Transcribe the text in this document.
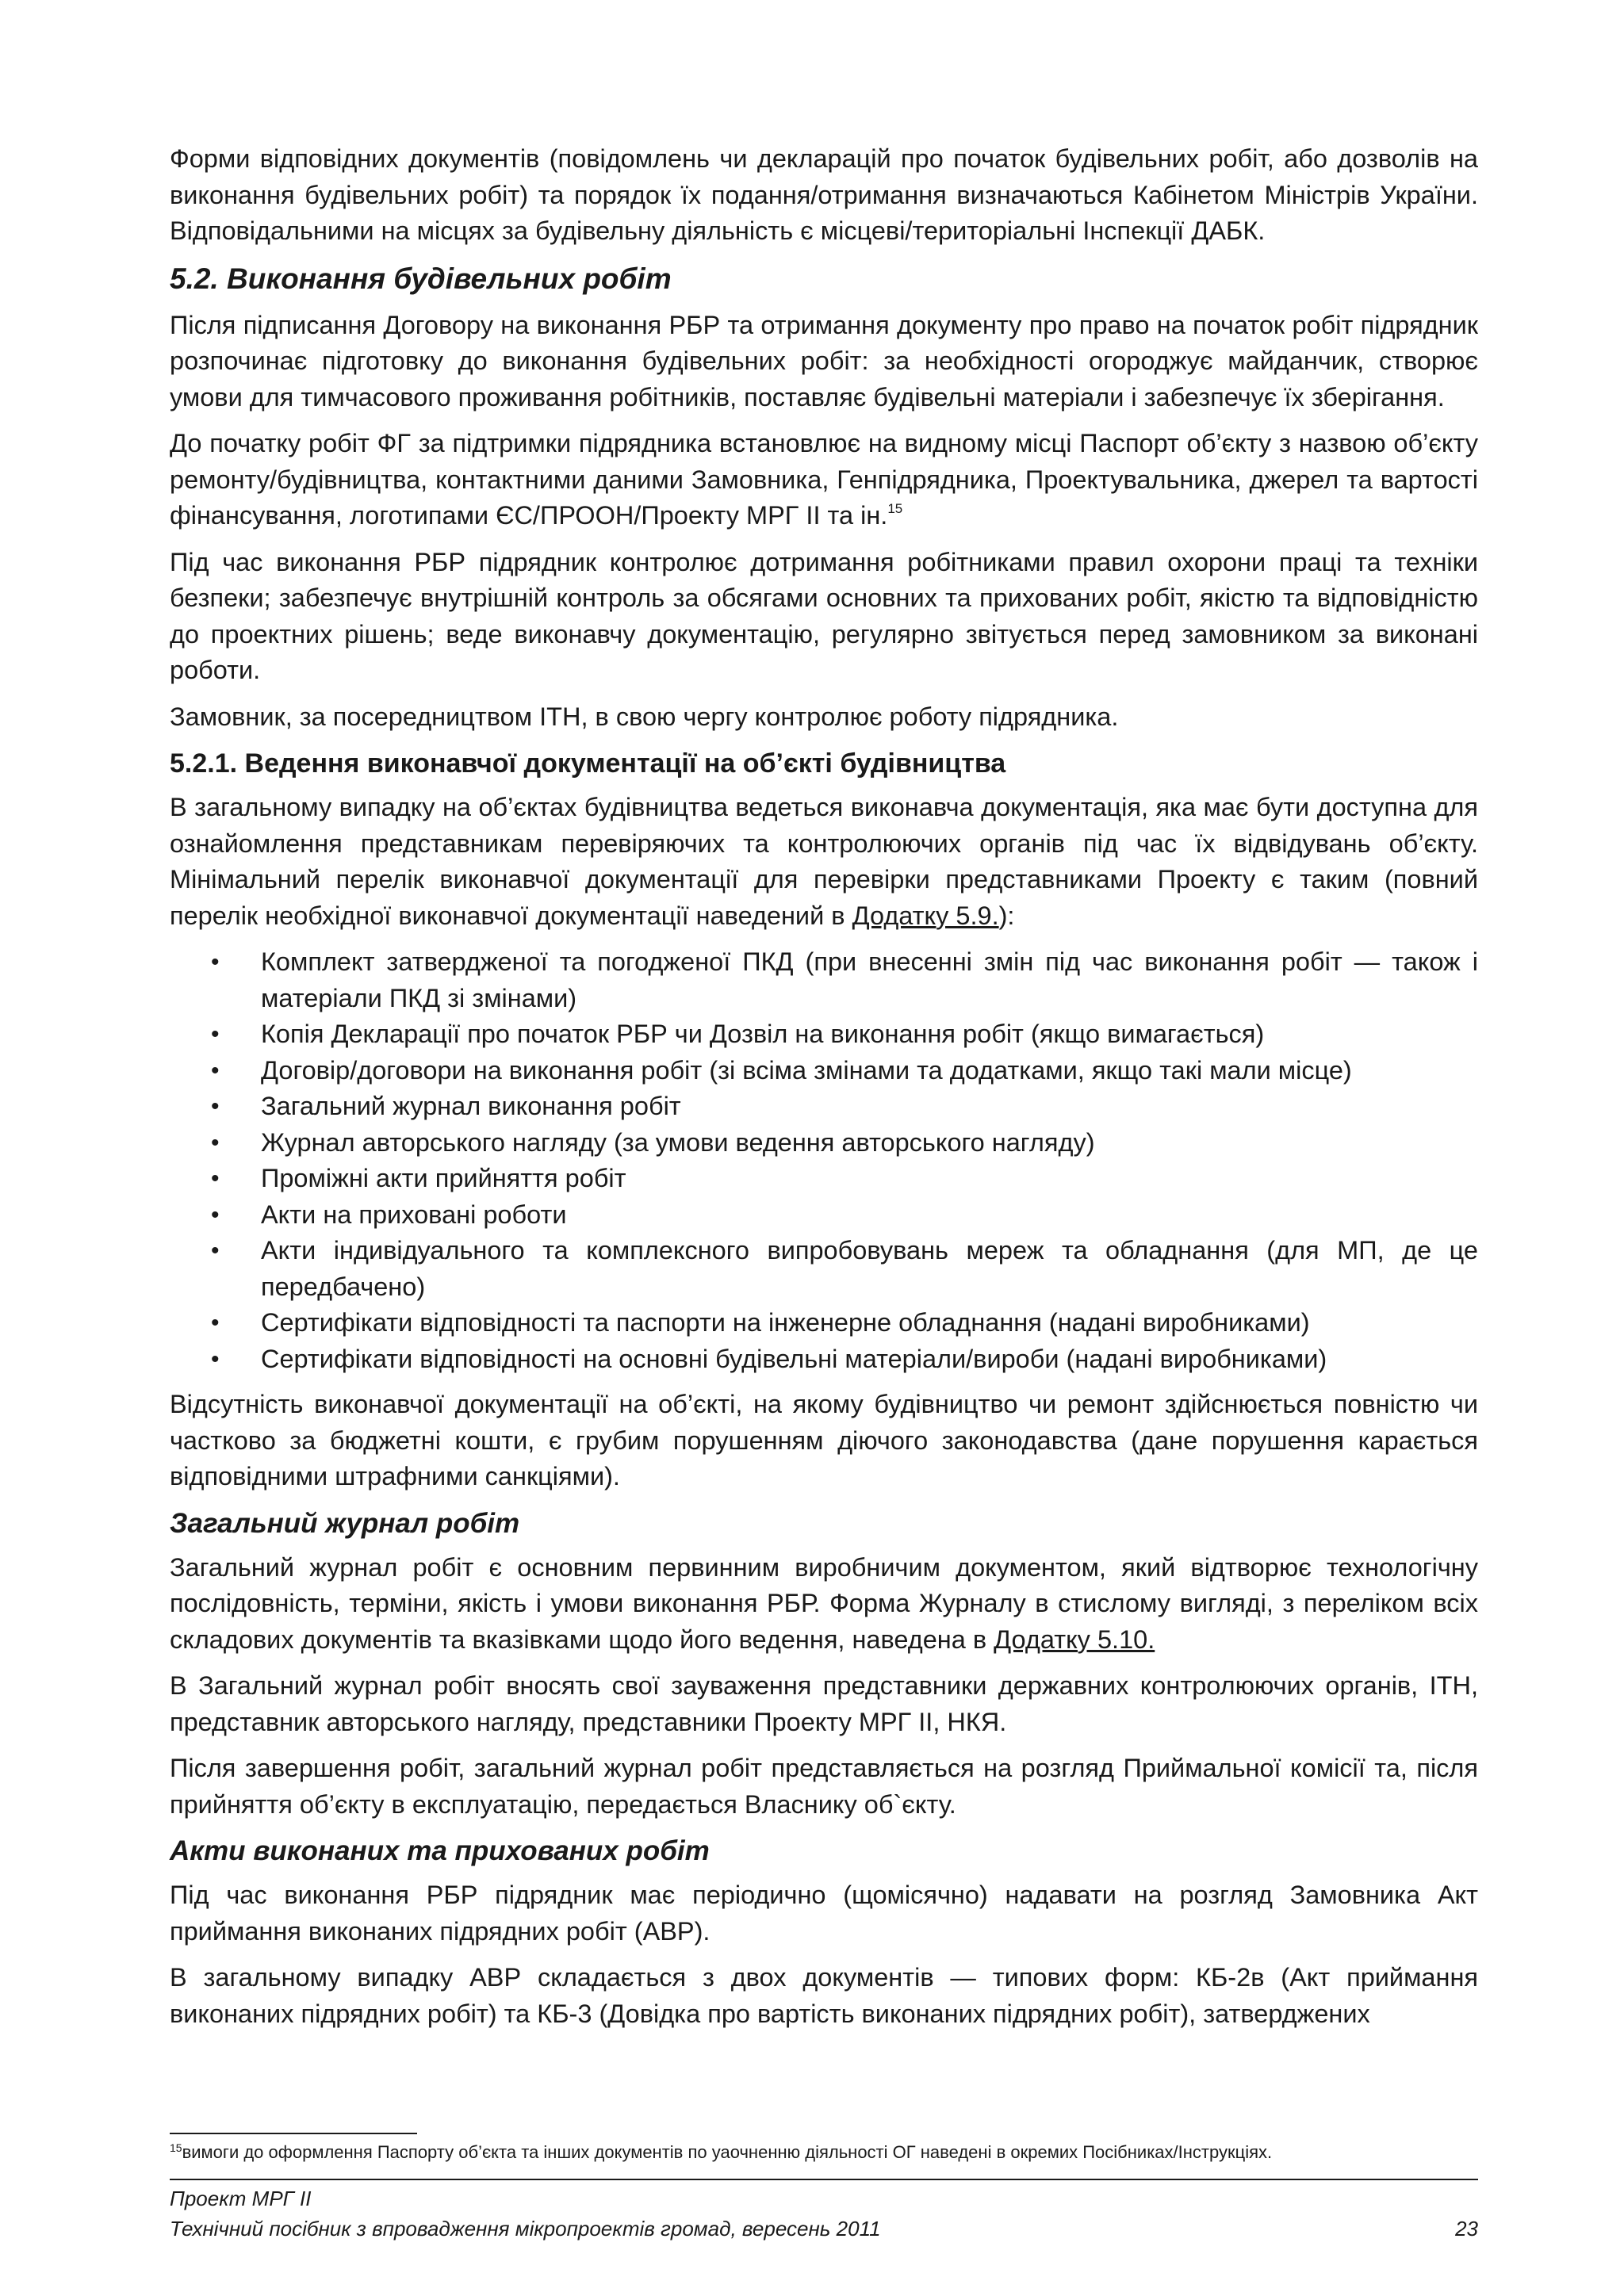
Форми відповідних документів (повідомлень чи декларацій про початок будівельних робіт, або дозволів на виконання будівельних робіт) та порядок їх подання/отримання визначаються Кабінетом Міністрів України. Відповідальними на місцях за будівельну діяльність є місцеві/територіальні Інспекції ДАБК.

5.2. Виконання будівельних робіт

Після підписання Договору на виконання РБР та отримання документу про право на початок робіт підрядник розпочинає підготовку до виконання будівельних робіт: за необхідності огороджує майданчик, створює умови для тимчасового проживання робітників, поставляє будівельні матеріали і забезпечує їх зберігання.

До початку робіт ФГ за підтримки підрядника встановлює на видному місці Паспорт об’єкту з назвою об’єкту ремонту/будівництва, контактними даними Замовника, Генпідрядника, Проектувальника, джерел та вартості фінансування, логотипами ЄС/ПРООН/Проекту МРГ ІІ та ін.$^{15}$

Під час виконання РБР підрядник контролює дотримання робітниками правил охорони праці та техніки безпеки; забезпечує внутрішній контроль за обсягами основних та прихованих робіт, якістю та відповідністю до проектних рішень; веде виконавчу документацію, регулярно звітується перед замовником за виконані роботи.

Замовник, за посередництвом ІТН, в свою чергу контролює роботу підрядника.

5.2.1. Ведення виконавчої документації на об’єкті будівництва

В загальному випадку на об’єктах будівництва ведеться виконавча документація, яка має бути доступна для ознайомлення представникам перевіряючих та контролюючих органів під час їх відвідувань об’єкту. Мінімальний перелік виконавчої документації для перевірки представниками Проекту є таким (повний перелік необхідної виконавчої документації наведений в Додатку 5.9.):

• Комплект затвердженої та погодженої ПКД (при внесенні змін під час виконання робіт — також і матеріали ПКД зі змінами)
• Копія Декларації про початок РБР чи Дозвіл на виконання робіт (якщо вимагається)
• Договір/договори на виконання робіт (зі всіма змінами та додатками, якщо такі мали місце)
• Загальний журнал виконання робіт
• Журнал авторського нагляду (за умови ведення авторського нагляду)
• Проміжні акти прийняття робіт
• Акти на приховані роботи
• Акти індивідуального та комплексного випробовувань мереж та обладнання (для МП, де це передбачено)
• Сертифікати відповідності та паспорти на інженерне обладнання (надані виробниками)
• Сертифікати відповідності на основні будівельні матеріали/вироби (надані виробниками)

Відсутність виконавчої документації на об’єкті, на якому будівництво чи ремонт здійснюється повністю чи частково за бюджетні кошти, є грубим порушенням діючого законодавства (дане порушення карається відповідними штрафними санкціями).

Загальний журнал робіт

Загальний журнал робіт є основним первинним виробничим документом, який відтворює технологічну послідовність, терміни, якість і умови виконання РБР. Форма Журналу в стислому вигляді, з переліком всіх складових документів та вказівками щодо його ведення, наведена в Додатку 5.10.

В Загальний журнал робіт вносять свої зауваження представники державних контролюючих органів, ІТН, представник авторського нагляду, представники Проекту МРГ ІІ, НКЯ.

Після завершення робіт, загальний журнал робіт представляється на розгляд Приймальної комісії та, після прийняття об’єкту в експлуатацію, передається Власнику об`єкту.

Акти виконаних та прихованих робіт

Під час виконання РБР підрядник має періодично (щомісячно) надавати на розгляд Замовника Акт приймання виконаних підрядних робіт (АВР).

В загальному випадку АВР складається з двох документів — типових форм: КБ-2в (Акт приймання виконаних підрядних робіт) та КБ-3 (Довідка про вартість виконаних підрядних робіт), затверджених

$^{15}$вимоги до оформлення Паспорту об’єкта та інших документів по уаочненню діяльності ОГ наведені в окремих Посібниках/Інструкціях.
Проект МРГ ІІ
Технічний посібник з впровадження мікропроектів громад, вересень 2011	23
